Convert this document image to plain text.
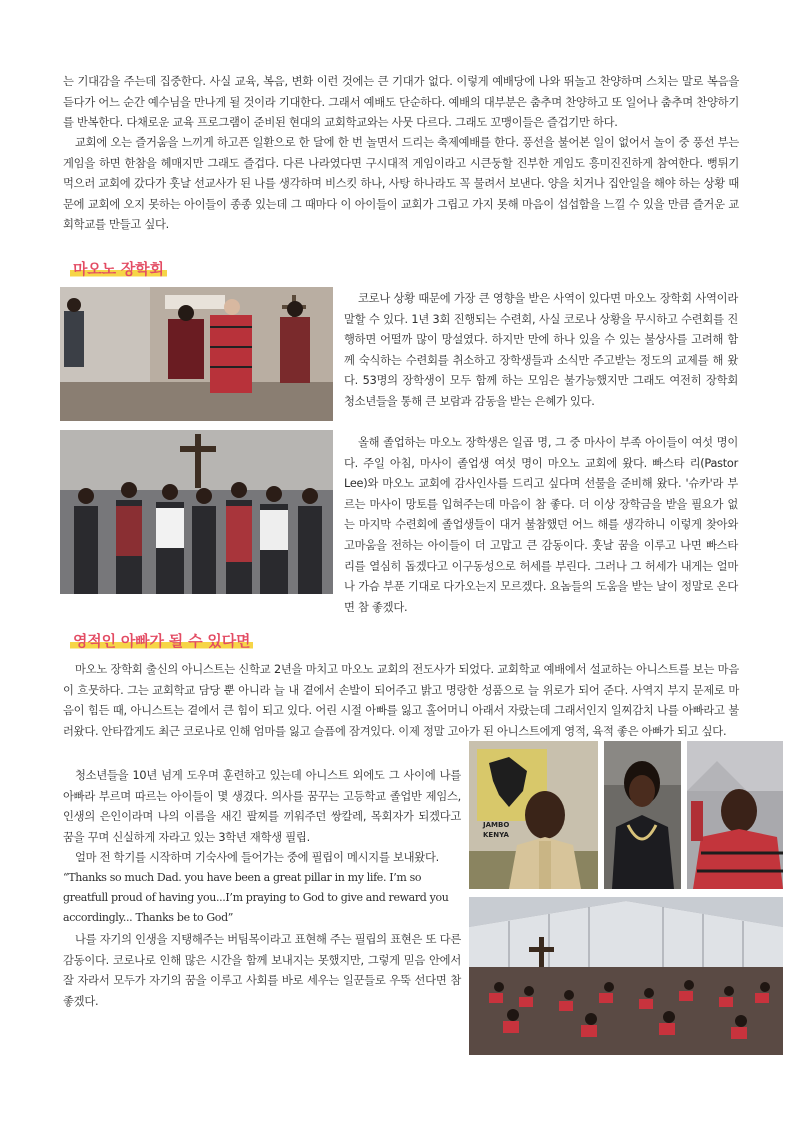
는 기대감을 주는데 집중한다. 사실 교육, 복음, 변화 이런 것에는 큰 기대가 없다. 이렇게 예배당에 나와 뛰놀고 찬양하며 스치는 말로 복음을 듣다가 어느 순간 예수님을 만나게 될 것이라 기대한다. 그래서 예배도 단순하다. 예배의 대부분은 춤추며 찬양하고 또 일어나 춤추며 찬양하기를 반복한다. 다채로운 교육 프로그램이 준비된 현대의 교회학교와는 사뭇 다르다. 그래도 꼬맹이들은 즐겁기만 하다.

교회에 오는 즐거움을 느끼게 하고픈 일환으로 한 달에 한 번 놀면서 드리는 축제예배를 한다. 풍선을 불어본 일이 없어서 놀이 중 풍선 부는 게임을 하면 한참을 헤매지만 그래도 즐겁다. 다른 나라였다면 구시대적 게임이라고 시큰둥할 진부한 게임도 흥미진진하게 참여한다. 뻥튀기 먹으러 교회에 갔다가 훗날 선교사가 된 나를 생각하며 비스킷 하나, 사탕 하나라도 꼭 물려서 보낸다. 양을 치거나 집안일을 해야 하는 상황 때문에 교회에 오지 못하는 아이들이 종종 있는데 그 때마다 이 아이들이 교회가 그립고 가지 못해 마음이 섭섭함을 느낄 수 있을 만큼 즐거운 교회학교를 만들고 싶다.

마오노 장학회

코로나 상황 때문에 가장 큰 영향을 받은 사역이 있다면 마오노 장학회 사역이라 말할 수 있다. 1년 3회 진행되는 수련회, 사실 코로나 상황을 무시하고 수련회를 진행하면 어떨까 많이 망설였다. 하지만 만에 하나 있을 수 있는 불상사를 고려해 함께 숙식하는 수련회를 취소하고 장학생들과 소식만 주고받는 정도의 교제를 해 왔다. 53명의 장학생이 모두 함께 하는 모임은 불가능했지만 그래도 여전히 장학회 청소년들을 통해 큰 보람과 감동을 받는 은혜가 있다.

올해 졸업하는 마오노 장학생은 일곱 명, 그 중 마사이 부족 아이들이 여섯 명이다. 주일 아침, 마사이 졸업생 여섯 명이 마오노 교회에 왔다. 빠스타 리(Pastor Lee)와 마오노 교회에 감사인사를 드리고 싶다며 선물을 준비해 왔다. '슈카'라 부르는 마사이 망토를 입혀주는데 마음이 참 좋다. 더 이상 장학금을 받을 필요가 없는 마지막 수련회에 졸업생들이 대거 불참했던 어느 해를 생각하니 이렇게 찾아와 고마움을 전하는 아이들이 더 고맙고 큰 감동이다. 훗날 꿈을 이루고 나면 빠스타 리를 열심히 돕겠다고 이구동성으로 허세를 부린다. 그러나 그 허세가 내게는 얼마나 가슴 부푼 기대로 다가오는지 모르겠다. 요놈들의 도움을 받는 날이 정말로 온다면 참 좋겠다.

영적인 아빠가 될 수 있다면

마오노 장학회 출신의 아니스트는 신학교 2년을 마치고 마오노 교회의 전도사가 되었다. 교회학교 예배에서 설교하는 아니스트를 보는 마음이 흐뭇하다. 그는 교회학교 담당 뿐 아니라 늘 내 곁에서 손발이 되어주고 밝고 명랑한 성품으로 늘 위로가 되어 준다. 사역지 부지 문제로 마음이 힘든 때, 아니스트는 곁에서 큰 힘이 되고 있다. 어린 시절 아빠를 잃고 홀어머니 아래서 자랐는데 그래서인지 일찌감치 나를 아빠라고 불러왔다. 안타깝게도 최근 코로나로 인해 엄마를 잃고 슬픔에 잠겨있다. 이제 정말 고아가 된 아니스트에게 영적, 육적 좋은 아빠가 되고 싶다.

JAMBO
KENYA

청소년들을 10년 넘게 도우며 훈련하고 있는데 아니스트 외에도 그 사이에 나를 아빠라 부르며 따르는 아이들이 몇 생겼다. 의사를 꿈꾸는 고등학교 졸업반 제임스, 인생의 은인이라며 나의 이름을 새긴 팔찌를 끼워주던 쌍칼레, 목회자가 되겠다고 꿈을 꾸며 신실하게 자라고 있는 3학년 재학생 필립.

얼마 전 학기를 시작하며 기숙사에 들어가는 중에 필립이 메시지를 보내왔다.

“Thanks so much Dad. you have been a great pillar in my life. I’m so greatfull proud of having you...I’m praying to God to give and reward you accordingly... Thanks be to God”

나를 자기의 인생을 지탱해주는 버팀목이라고 표현해 주는 필립의 표현은 또 다른 감동이다. 코로나로 인해 많은 시간을 함께 보내지는 못했지만, 그렇게 믿음 안에서 잘 자라서 모두가 자기의 꿈을 이루고 사회를 바로 세우는 일꾼들로 우뚝 선다면 참 좋겠다.
